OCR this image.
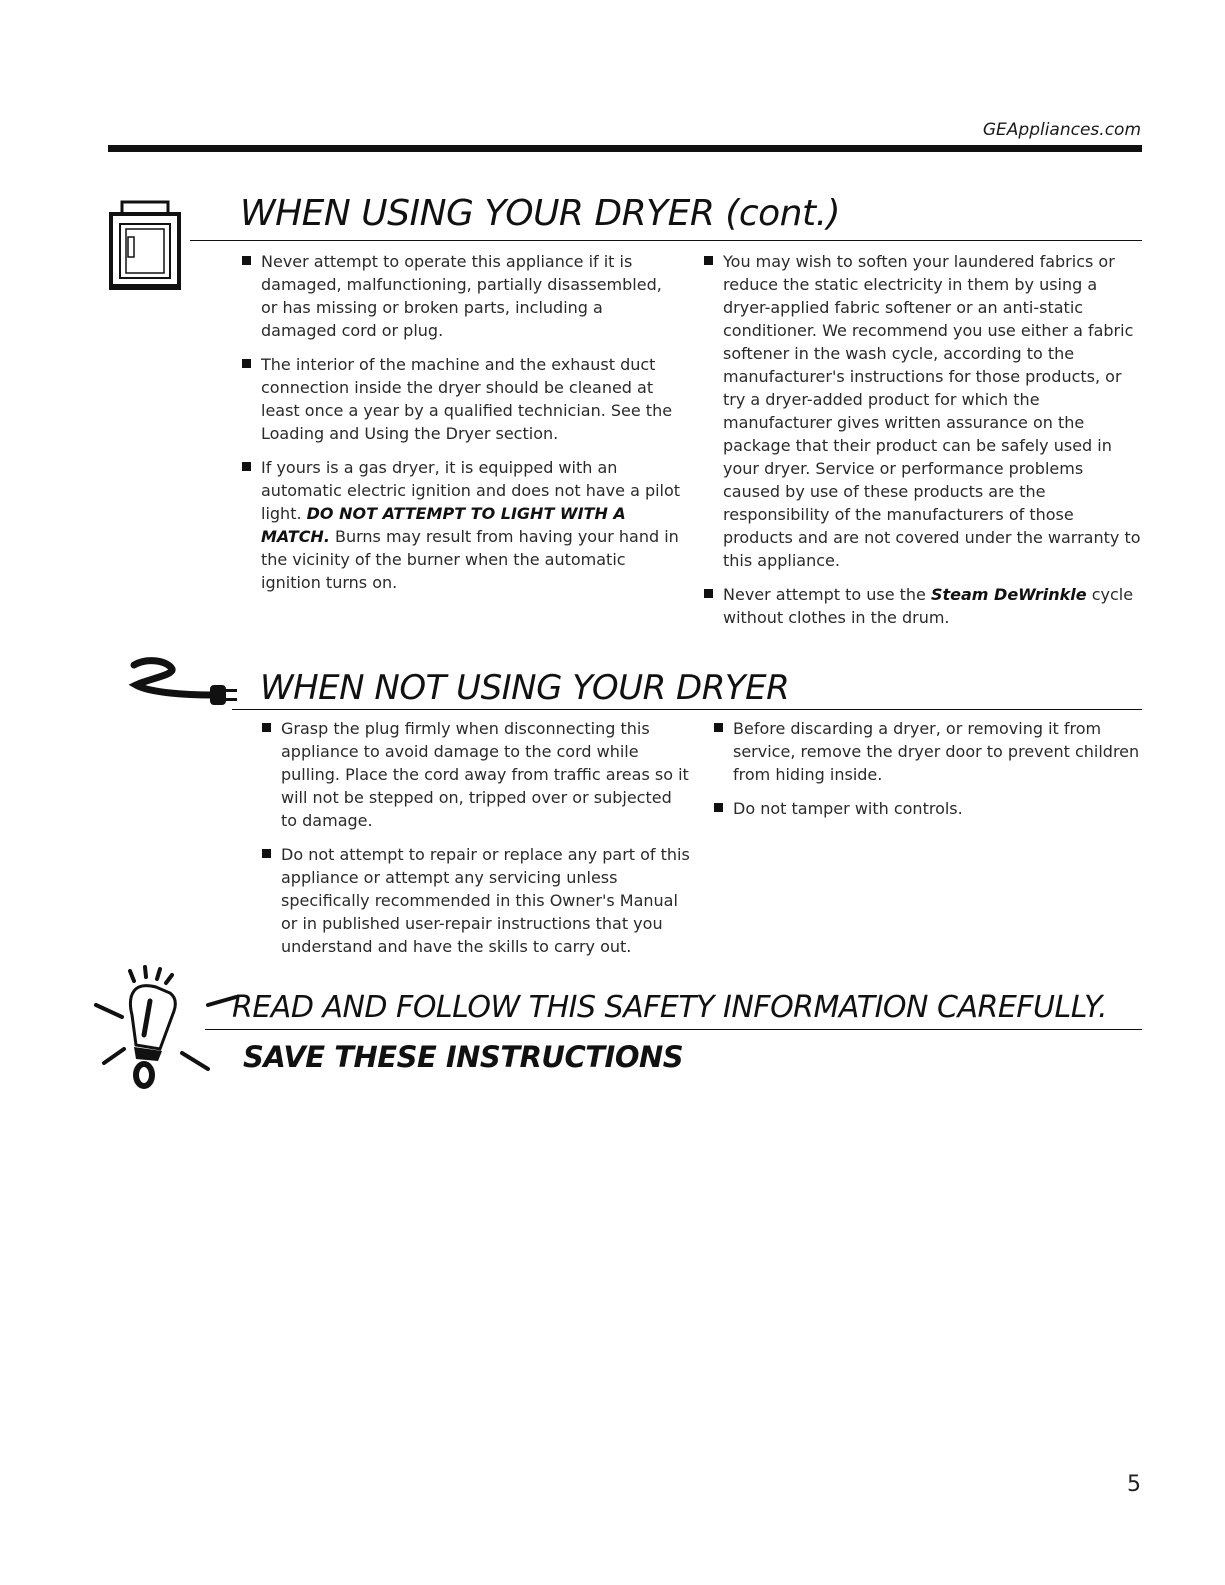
GEAppliances.com
WHEN USING YOUR DRYER (cont.)
Never attempt to operate this appliance if it is damaged, malfunctioning, partially disassembled, or has missing or broken parts, including a damaged cord or plug.
The interior of the machine and the exhaust duct connection inside the dryer should be cleaned at least once a year by a qualified technician. See the Loading and Using the Dryer section.
If yours is a gas dryer, it is equipped with an automatic electric ignition and does not have a pilot light. DO NOT ATTEMPT TO LIGHT WITH A MATCH. Burns may result from having your hand in the vicinity of the burner when the automatic ignition turns on.
You may wish to soften your laundered fabrics or reduce the static electricity in them by using a dryer-applied fabric softener or an anti-static conditioner. We recommend you use either a fabric softener in the wash cycle, according to the manufacturer's instructions for those products, or try a dryer-added product for which the manufacturer gives written assurance on the package that their product can be safely used in your dryer. Service or performance problems caused by use of these products are the responsibility of the manufacturers of those products and are not covered under the warranty to this appliance.
Never attempt to use the Steam DeWrinkle cycle without clothes in the drum.
WHEN NOT USING YOUR DRYER
Grasp the plug firmly when disconnecting this appliance to avoid damage to the cord while pulling. Place the cord away from traffic areas so it will not be stepped on, tripped over or subjected to damage.
Do not attempt to repair or replace any part of this appliance or attempt any servicing unless specifically recommended in this Owner's Manual or in published user-repair instructions that you understand and have the skills to carry out.
Before discarding a dryer, or removing it from service, remove the dryer door to prevent children from hiding inside.
Do not tamper with controls.
READ AND FOLLOW THIS SAFETY INFORMATION CAREFULLY.
SAVE THESE INSTRUCTIONS
5
